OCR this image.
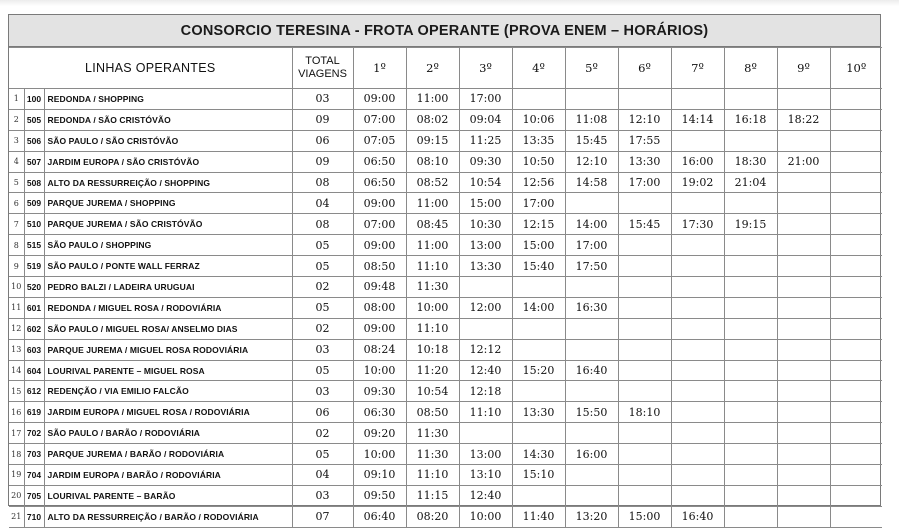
CONSORCIO TERESINA - FROTA OPERANTE (PROVA ENEM – HORÁRIOS)
LINHAS OPERANTES			TOTAL
VIAGENS	1º	2º	3º	4º	5º	6º	7º	8º	9º	10º
1	100	REDONDA / SHOPPING	03	09:00	11:00	17:00							
2	505	REDONDA / SÃO CRISTÓVÃO	09	07:00	08:02	09:04	10:06	11:08	12:10	14:14	16:18	18:22	
3	506	SÃO PAULO / SÃO CRISTÓVÃO	06	07:05	09:15	11:25	13:35	15:45	17:55				
4	507	JARDIM EUROPA / SÃO CRISTÓVÃO	09	06:50	08:10	09:30	10:50	12:10	13:30	16:00	18:30	21:00	
5	508	ALTO DA RESSURREIÇÃO / SHOPPING	08	06:50	08:52	10:54	12:56	14:58	17:00	19:02	21:04		
6	509	PARQUE JUREMA / SHOPPING	04	09:00	11:00	15:00	17:00						
7	510	PARQUE JUREMA / SÃO CRISTÓVÃO	08	07:00	08:45	10:30	12:15	14:00	15:45	17:30	19:15		
8	515	SÃO PAULO / SHOPPING	05	09:00	11:00	13:00	15:00	17:00					
9	519	SÃO PAULO / PONTE WALL FERRAZ	05	08:50	11:10	13:30	15:40	17:50					
10	520	PEDRO BALZI / LADEIRA URUGUAI	02	09:48	11:30								
11	601	REDONDA / MIGUEL ROSA / RODOVIÁRIA	05	08:00	10:00	12:00	14:00	16:30					
12	602	SÃO PAULO / MIGUEL ROSA/ ANSELMO DIAS	02	09:00	11:10								
13	603	PARQUE JUREMA / MIGUEL ROSA RODOVIÁRIA	03	08:24	10:18	12:12							
14	604	LOURIVAL PARENTE – MIGUEL ROSA	05	10:00	11:20	12:40	15:20	16:40					
15	612	REDENÇÃO / VIA EMILIO FALCÃO	03	09:30	10:54	12:18							
16	619	JARDIM EUROPA / MIGUEL ROSA / RODOVIÁRIA	06	06:30	08:50	11:10	13:30	15:50	18:10				
17	702	SÃO PAULO / BARÃO / RODOVIÁRIA	02	09:20	11:30								
18	703	PARQUE JUREMA / BARÃO / RODOVIÁRIA	05	10:00	11:30	13:00	14:30	16:00					
19	704	JARDIM EUROPA / BARÃO / RODOVIÁRIA	04	09:10	11:10	13:10	15:10						
20	705	LOURIVAL PARENTE – BARÃO	03	09:50	11:15	12:40							
21	710	ALTO DA RESSURREIÇÃO / BARÃO / RODOVIÁRIA	07	06:40	08:20	10:00	11:40	13:20	15:00	16:40			
